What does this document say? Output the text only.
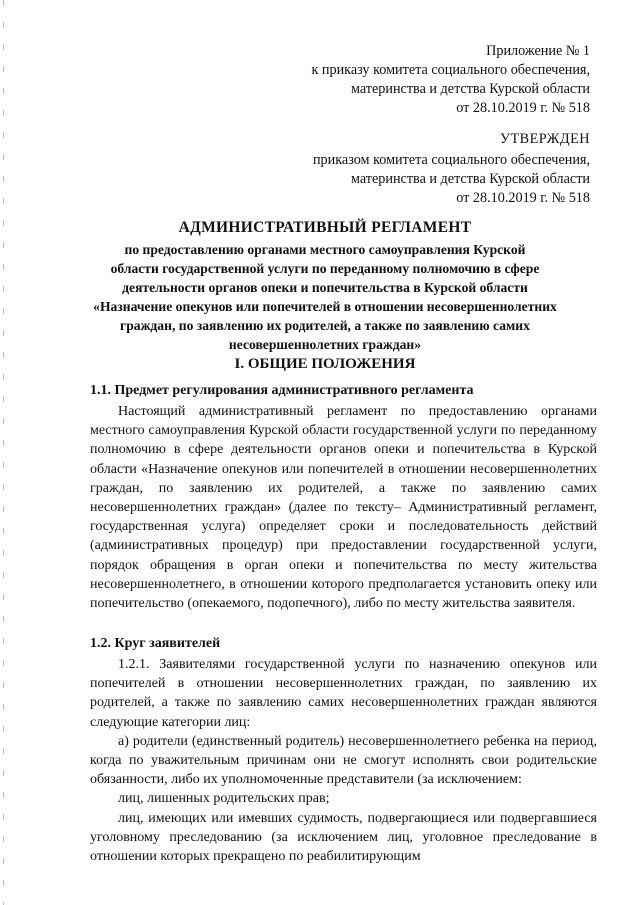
Приложение № 1
к приказу комитета социального обеспечения,
материнства и детства Курской области
от 28.10.2019 г. № 518
УТВЕРЖДЕН
приказом комитета социального обеспечения,
материнства и детства Курской области
от 28.10.2019 г. № 518
АДМИНИСТРАТИВНЫЙ РЕГЛАМЕНТ
по предоставлению органами местного самоуправления Курской
области государственной услуги по переданному полномочию в сфере
деятельности органов опеки и попечительства в Курской области
«Назначение опекунов или попечителей в отношении несовершеннолетних
граждан, по заявлению их родителей, а также по заявлению самих
несовершеннолетних граждан»
I. ОБЩИЕ ПОЛОЖЕНИЯ
1.1. Предмет регулирования административного регламента

Настоящий административный регламент по предоставлению органами местного самоуправления Курской области государственной услуги по переданному полномочию в сфере деятельности органов опеки и попечительства в Курской области «Назначение опекунов или попечителей в отношении несовершеннолетних граждан, по заявлению их родителей, а также по заявлению самих несовершеннолетних граждан» (далее по тексту– Административный регламент, государственная услуга) определяет сроки и последовательность действий (административных процедур) при предоставлении государственной услуги, порядок обращения в орган опеки и попечительства по месту жительства несовершеннолетнего, в отношении которого предполагается установить опеку или попечительство (опекаемого, подопечного), либо по месту жительства заявителя.

1.2. Круг заявителей

1.2.1. Заявителями государственной услуги по назначению опекунов или попечителей в отношении несовершеннолетних граждан, по заявлению их родителей, а также по заявлению самих несовершеннолетних граждан являются следующие категории лиц:

а) родители (единственный родитель) несовершеннолетнего ребенка на период, когда по уважительным причинам они не смогут исполнять свои родительские обязанности, либо их уполномоченные представители (за исключением:

лиц, лишенных родительских прав;

лиц, имеющих или имевших судимость, подвергающиеся или подвергавшиеся уголовному преследованию (за исключением лиц, уголовное преследование в отношении которых прекращено по реабилитирующим
